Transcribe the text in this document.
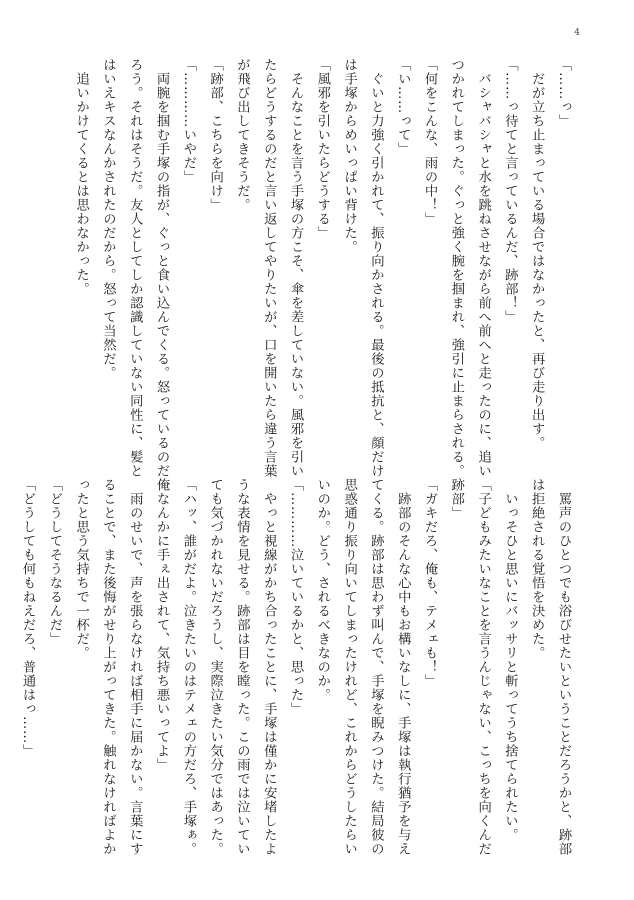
4
「……っ」
　だが立ち止まっている場合ではなかったと、再び走り出す。
「……っ待てと言っているんだ、跡部！」
　バシャバシャと水を跳ねさせながら前へ前へと走ったのに、追い
つかれてしまった。ぐっと強く腕を掴まれ、強引に止まらされる。
「何をこんな、雨の中！」
「い……って」
　ぐいと力強く引かれて、振り向かされる。最後の抵抗と、顔だけ
は手塚からめいっぱい背けた。
「風邪を引いたらどうする」
　そんなことを言う手塚の方こそ、傘を差していない。風邪を引い
たらどうするのだと言い返してやりたいが、口を開いたら違う言葉
が飛び出してきそうだ。
「跡部、こちらを向け」
「…………いやだ」
　両腕を掴む手塚の指が、ぐっと食い込んでくる。怒っているのだ
ろう。それはそうだ。友人としてしか認識していない同性に、髪と
はいえキスなんかされたのだから。怒って当然だ。
　追いかけてくるとは思わなかった。
　罵声のひとつでも浴びせたいということだろうかと、跡部
は拒絶される覚悟を決めた。
　いっそひと思いにバッサリと斬ってうち捨てられたい。
「子どもみたいなことを言うんじゃない、こっちを向くんだ
跡部」
「ガキだろ、俺も、テメェも！」
　跡部のそんな心中もお構いなしに、手塚は執行猶予を与え
てくる。跡部は思わず叫んで、手塚を睨みつけた。結局彼の
思惑通り振り向いてしまったけれど、これからどうしたらい
いのか。どう、されるべきなのか。
「…………泣いているかと、思った」
　やっと視線がかち合ったことに、手塚は僅かに安堵したよ
うな表情を見せる。跡部は目を瞠った。この雨では泣いてい
ても気づかれないだろうし、実際泣きたい気分ではあった。
「ハッ、誰がだよ。泣きたいのはテメェの方だろ、手塚ぁ。
俺なんかに手ぇ出されて、気持ち悪いってよ」
　雨のせいで、声を張らなければ相手に届かない。言葉にす
ることで、また後悔がせり上がってきた。触れなければよか
ったと思う気持ちで一杯だ。
「どうしてそうなるんだ」
「どうしても何もねえだろ、普通はっ……」
